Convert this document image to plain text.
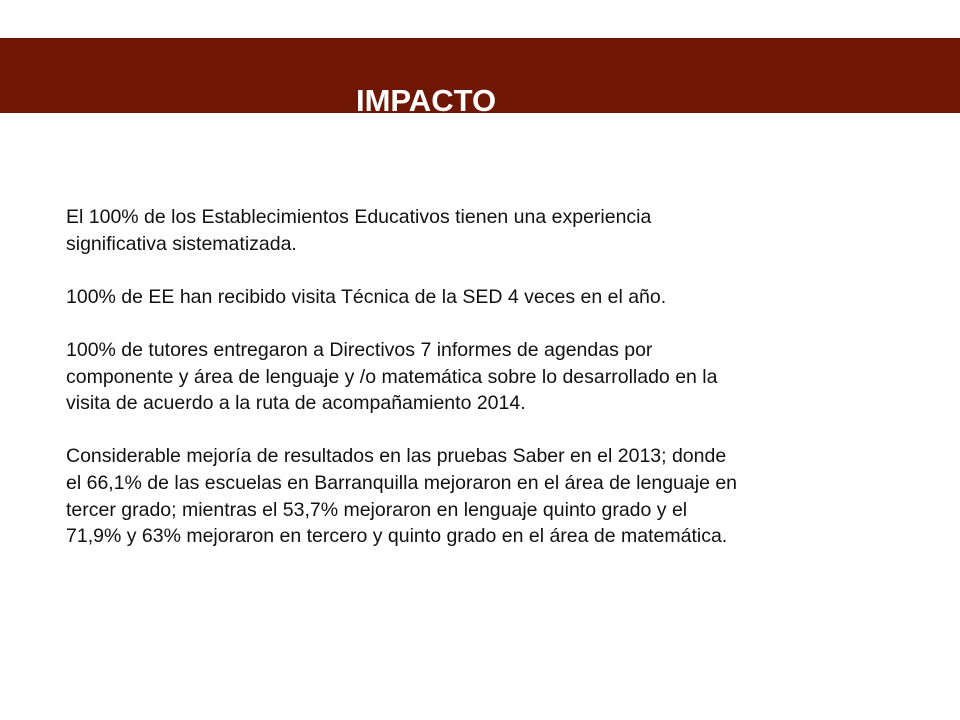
IMPACTO

El 100% de los Establecimientos Educativos tienen una experiencia
significativa sistematizada.

100% de EE han recibido visita Técnica de la SED 4 veces en el año.

100% de tutores entregaron a Directivos 7 informes de agendas por
componente y área de lenguaje y /o matemática sobre lo desarrollado en la
visita de acuerdo a la ruta de acompañamiento 2014.

Considerable mejoría de resultados en las pruebas Saber en el 2013; donde
el 66,1% de las escuelas en Barranquilla mejoraron en el área de lenguaje en
tercer grado; mientras el 53,7% mejoraron en lenguaje quinto grado y el
71,9% y 63% mejoraron en tercero y quinto grado en el área de matemática.
